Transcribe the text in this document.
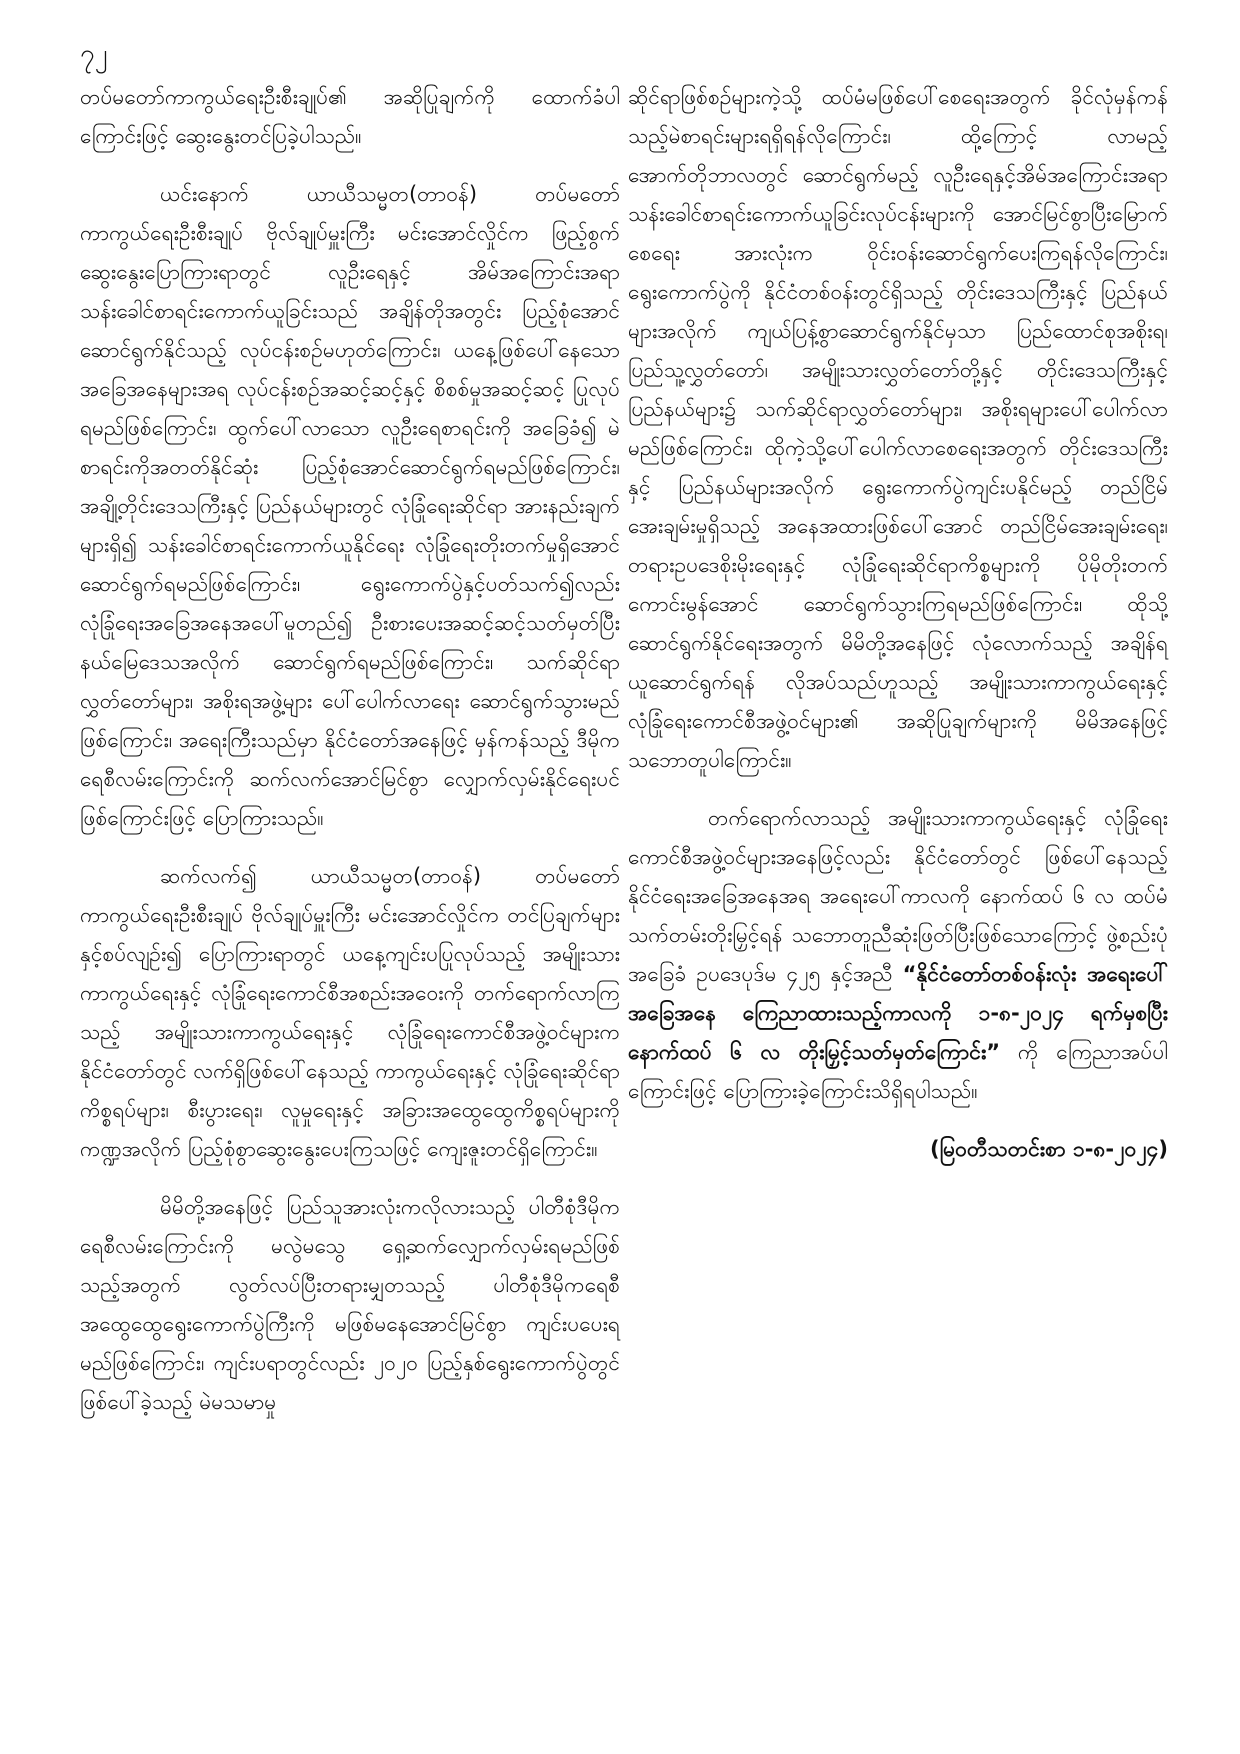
၇၂

တပ်မတော်ကာကွယ်ရေးဦးစီးချုပ်၏ အဆိုပြုချက်ကို ထောက်ခံပါကြောင်းဖြင့် ဆွေးနွေးတင်ပြခဲ့ပါသည်။

ယင်းနောက် ယာယီသမ္မတ(တာဝန်) တပ်မတော်ကာကွယ်ရေးဦးစီးချုပ် ဗိုလ်ချုပ်မှူးကြီး မင်းအောင်လှိုင်က ဖြည့်စွက်ဆွေးနွေးပြောကြားရာတွင် လူဦးရေနှင့် အိမ်အကြောင်းအရာ သန်းခေါင်စာရင်းကောက်ယူခြင်းသည် အချိန်တိုအတွင်း ပြည့်စုံအောင်ဆောင်ရွက်နိုင်သည့် လုပ်ငန်းစဉ်မဟုတ်ကြောင်း၊ ယနေ့ဖြစ်ပေါ်နေသော အခြေအနေများအရ လုပ်ငန်းစဉ်အဆင့်ဆင့်နှင့် စိစစ်မှုအဆင့်ဆင့် ပြုလုပ်ရမည်ဖြစ်ကြောင်း၊ ထွက်ပေါ်လာသော လူဦးရေစာရင်းကို အခြေခံ၍ မဲစာရင်းကိုအတတ်နိုင်ဆုံး ပြည့်စုံအောင်ဆောင်ရွက်ရမည်ဖြစ်ကြောင်း၊ အချို့တိုင်းဒေသကြီးနှင့် ပြည်နယ်များတွင် လုံခြုံရေးဆိုင်ရာ အားနည်းချက်များရှိ၍ သန်းခေါင်စာရင်းကောက်ယူနိုင်ရေး လုံခြုံရေးတိုးတက်မှုရှိအောင် ဆောင်ရွက်ရမည်ဖြစ်ကြောင်း၊ ရွေးကောက်ပွဲနှင့်ပတ်သက်၍လည်း လုံခြုံရေးအခြေအနေအပေါ်မူတည်၍ ဦးစားပေးအဆင့်ဆင့်သတ်မှတ်ပြီး နယ်မြေဒေသအလိုက် ဆောင်ရွက်ရမည်ဖြစ်ကြောင်း၊ သက်ဆိုင်ရာ လွှတ်တော်များ၊ အစိုးရအဖွဲ့များ ပေါ်ပေါက်လာရေး ဆောင်ရွက်သွားမည်ဖြစ်ကြောင်း၊ အရေးကြီးသည်မှာ နိုင်ငံတော်အနေဖြင့် မှန်ကန်သည့် ဒီမိုကရေစီလမ်းကြောင်းကို ဆက်လက်အောင်မြင်စွာ လျှောက်လှမ်းနိုင်ရေးပင်ဖြစ်ကြောင်းဖြင့် ပြောကြားသည်။

ဆက်လက်၍ ယာယီသမ္မတ(တာဝန်) တပ်မတော်ကာကွယ်ရေးဦးစီးချုပ် ဗိုလ်ချုပ်မှူးကြီး မင်းအောင်လှိုင်က တင်ပြချက်များနှင့်စပ်လျဉ်း၍ ပြောကြားရာတွင် ယနေ့ကျင်းပပြုလုပ်သည့် အမျိုးသားကာကွယ်ရေးနှင့် လုံခြုံရေးကောင်စီအစည်းအဝေးကို တက်ရောက်လာကြသည့် အမျိုးသားကာကွယ်ရေးနှင့် လုံခြုံရေးကောင်စီအဖွဲ့ဝင်များက နိုင်ငံတော်တွင် လက်ရှိဖြစ်ပေါ်နေသည့် ကာကွယ်ရေးနှင့် လုံခြုံရေးဆိုင်ရာကိစ္စရပ်များ၊ စီးပွားရေး၊ လူမှုရေးနှင့် အခြားအထွေထွေကိစ္စရပ်များကို ကဏ္ဍအလိုက် ပြည့်စုံစွာဆွေးနွေးပေးကြသဖြင့် ကျေးဇူးတင်ရှိကြောင်း။

မိမိတို့အနေဖြင့် ပြည်သူအားလုံးကလိုလားသည့် ပါတီစုံဒီမိုကရေစီလမ်းကြောင်းကို မလွဲမသွေ ရှေ့ဆက်လျှောက်လှမ်းရမည်ဖြစ်သည့်အတွက် လွတ်လပ်ပြီးတရားမျှတသည့် ပါတီစုံဒီမိုကရေစီ အထွေထွေရွေးကောက်ပွဲကြီးကို မဖြစ်မနေအောင်မြင်စွာ ကျင်းပပေးရမည်ဖြစ်ကြောင်း၊ ကျင်းပရာတွင်လည်း ၂၀၂၀ ပြည့်နှစ်ရွေးကောက်ပွဲတွင် ဖြစ်ပေါ်ခဲ့သည့် မဲမသမာမှု

ဆိုင်ရာဖြစ်စဉ်များကဲ့သို့ ထပ်မံမဖြစ်ပေါ်စေရေးအတွက် ခိုင်လုံမှန်ကန်သည့်မဲစာရင်းများရရှိရန်လိုကြောင်း၊ ထို့ကြောင့် လာမည့် အောက်တိုဘာလတွင် ဆောင်ရွက်မည့် လူဦးရေနှင့်အိမ်အကြောင်းအရာ သန်းခေါင်စာရင်းကောက်ယူခြင်းလုပ်ငန်းများကို အောင်မြင်စွာပြီးမြောက်စေရေး အားလုံးက ဝိုင်းဝန်းဆောင်ရွက်ပေးကြရန်လိုကြောင်း၊ ရွေးကောက်ပွဲကို နိုင်ငံတစ်ဝန်းတွင်ရှိသည့် တိုင်းဒေသကြီးနှင့် ပြည်နယ်များအလိုက် ကျယ်ပြန့်စွာဆောင်ရွက်နိုင်မှသာ ပြည်ထောင်စုအစိုးရ၊ ပြည်သူ့လွှတ်တော်၊ အမျိုးသားလွှတ်တော်တို့နှင့် တိုင်းဒေသကြီးနှင့် ပြည်နယ်များ၌ သက်ဆိုင်ရာလွှတ်တော်များ၊ အစိုးရများပေါ်ပေါက်လာမည်ဖြစ်ကြောင်း၊ ထိုကဲ့သို့ပေါ်ပေါက်လာစေရေးအတွက် တိုင်းဒေသကြီးနှင့် ပြည်နယ်များအလိုက် ရွေးကောက်ပွဲကျင်းပနိုင်မည့် တည်ငြိမ်အေးချမ်းမှုရှိသည့် အနေအထားဖြစ်ပေါ်အောင် တည်ငြိမ်အေးချမ်းရေး၊ တရားဥပဒေစိုးမိုးရေးနှင့် လုံခြုံရေးဆိုင်ရာကိစ္စများကို ပိုမိုတိုးတက်ကောင်းမွန်အောင် ဆောင်ရွက်သွားကြရမည်ဖြစ်ကြောင်း၊ ထိုသို့ဆောင်ရွက်နိုင်ရေးအတွက် မိမိတို့အနေဖြင့် လုံလောက်သည့် အချိန်ရယူဆောင်ရွက်ရန် လိုအပ်သည်ဟူသည့် အမျိုးသားကာကွယ်ရေးနှင့် လုံခြုံရေးကောင်စီအဖွဲ့ဝင်များ၏ အဆိုပြုချက်များကို မိမိအနေဖြင့် သဘောတူပါကြောင်း။

တက်ရောက်လာသည့် အမျိုးသားကာကွယ်ရေးနှင့် လုံခြုံရေးကောင်စီအဖွဲ့ဝင်များအနေဖြင့်လည်း နိုင်ငံတော်တွင် ဖြစ်ပေါ်နေသည့် နိုင်ငံရေးအခြေအနေအရ အရေးပေါ်ကာလကို နောက်ထပ် ၆ လ ထပ်မံသက်တမ်းတိုးမြှင့်ရန် သဘောတူညီဆုံးဖြတ်ပြီးဖြစ်သောကြောင့် ဖွဲ့စည်းပုံအခြေခံ ဥပဒေပုဒ်မ ၄၂၅ နှင့်အညီ “နိုင်ငံတော်တစ်ဝန်းလုံး အရေးပေါ်အခြေအနေ ကြေညာထားသည့်ကာလကို ၁-၈-၂၀၂၄ ရက်မှစပြီး နောက်ထပ် ၆ လ တိုးမြှင့်သတ်မှတ်ကြောင်း” ကို ကြေညာအပ်ပါကြောင်းဖြင့် ပြောကြားခဲ့ကြောင်းသိရှိရပါသည်။

(မြဝတီသတင်းစာ ၁-၈-၂၀၂၄)
